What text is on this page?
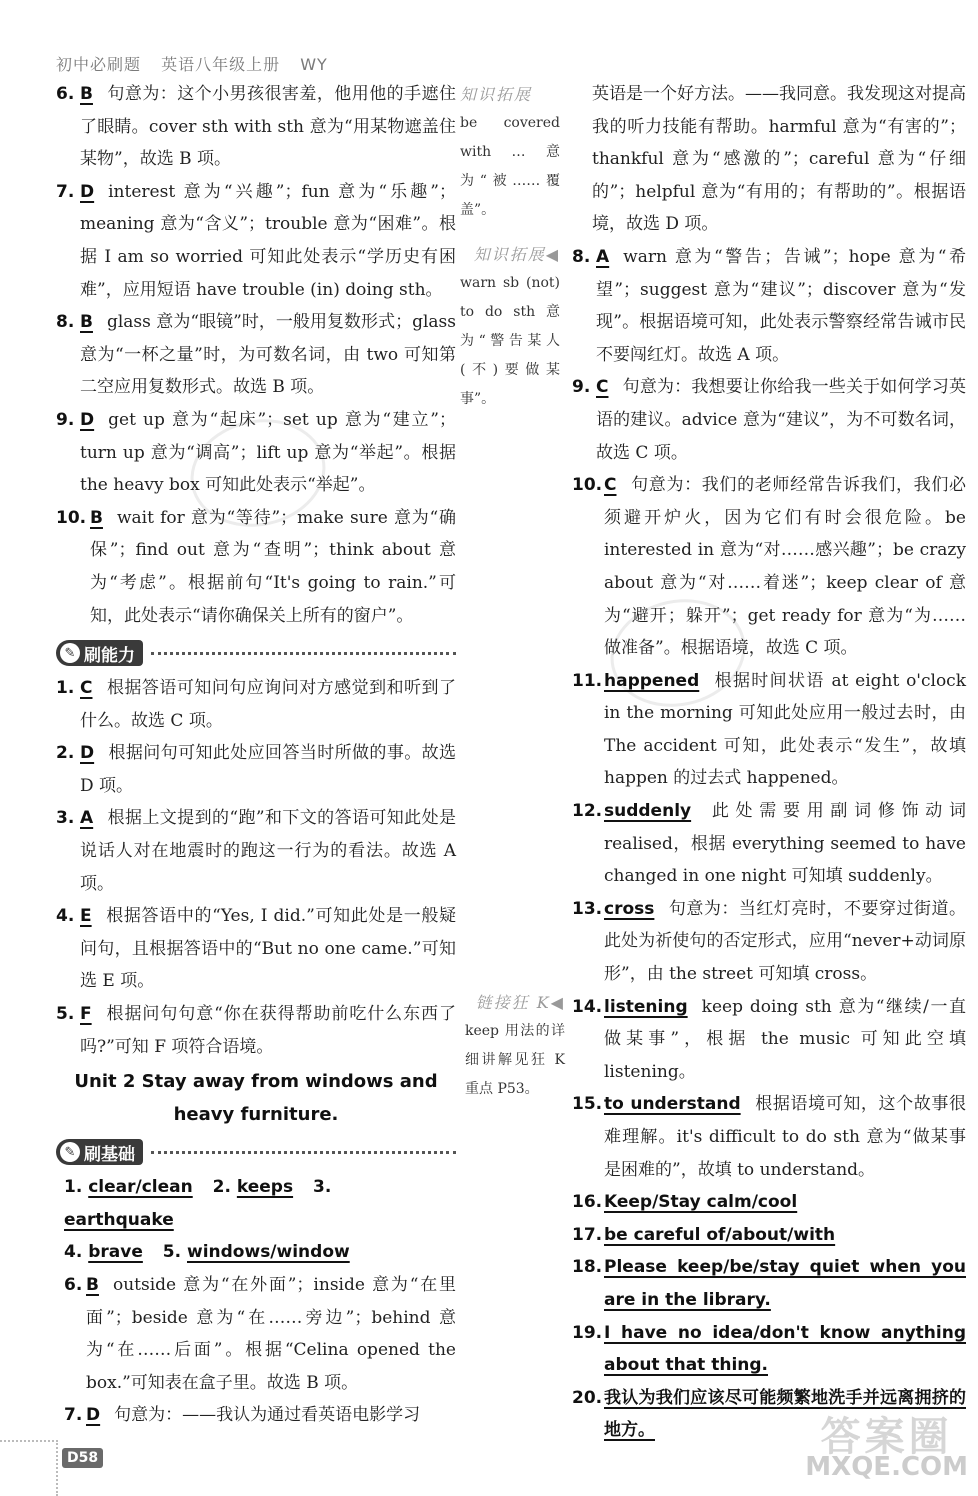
初中必刷题 英语八年级上册 WY

6. B 句意为：这个小男孩很害羞，他用他的手遮住了眼睛。cover sth with sth 意为“用某物遮盖住某物”，故选 B 项。

7. D interest 意为“兴趣”；fun 意为“乐趣”；meaning 意为“含义”；trouble 意为“困难”。根据 I am so worried 可知此处表示“学历史有困难”，应用短语 have trouble (in) doing sth。

8. B glass 意为“眼镜”时，一般用复数形式；glass 意为“一杯之量”时，为可数名词，由 two 可知第二空应用复数形式。故选 B 项。

9. D get up 意为“起床”；set up 意为“建立”；turn up 意为“调高”；lift up 意为“举起”。根据 the heavy box 可知此处表示“举起”。

10. B wait for 意为“等待”；make sure 意为“确保”；find out 意为“查明”；think about 意为“考虑”。根据前句“It's going to rain.”可知，此处表示“请你确保关上所有的窗户”。

✎ 刷能力

1. C 根据答语可知问句应询问对方感觉到和听到了什么。故选 C 项。

2. D 根据问句可知此处应回答当时所做的事。故选 D 项。

3. A 根据上文提到的“跑”和下文的答语可知此处是说话人对在地震时的跑这一行为的看法。故选 A 项。

4. E 根据答语中的“Yes, I did.”可知此处是一般疑问句，且根据答语中的“But no one came.”可知选 E 项。

5. F 根据问句句意“你在获得帮助前吃什么东西了吗?”可知 F 项符合语境。

Unit 2 Stay away from windows and
heavy furniture.
✎ 刷基础
1. clear/clean 2. keeps 3. earthquake
4. brave 5. windows/window

6. B outside 意为“在外面”；inside 意为“在里面”；beside 意为“在……旁边”；behind 意为“在……后面”。根据“Celina opened the box.”可知表在盒子里。故选 B 项。

7. D 句意为：——我认为通过看英语电影学习

知识拓展
be covered with … 意为“被……覆盖”。
知识拓展◀
warn sb (not) to do sth 意为“警告某人(不)要做某事”。
链接狂 K◀
keep 用法的详细讲解见狂 K 重点 P53。

英语是一个好方法。——我同意。我发现这对提高我的听力技能有帮助。harmful 意为“有害的”；thankful 意为“感激的”；careful 意为“仔细的”；helpful 意为“有用的；有帮助的”。根据语境，故选 D 项。

8. A warn 意为“警告；告诫”；hope 意为“希望”；suggest 意为“建议”；discover 意为“发现”。根据语境可知，此处表示警察经常告诫市民不要闯红灯。故选 A 项。

9. C 句意为：我想要让你给我一些关于如何学习英语的建议。advice 意为“建议”，为不可数名词，故选 C 项。

10. C 句意为：我们的老师经常告诉我们，我们必须避开炉火，因为它们有时会很危险。be interested in 意为“对……感兴趣”；be crazy about 意为“对……着迷”；keep clear of 意为“避开；躲开”；get ready for 意为“为……做准备”。根据语境，故选 C 项。

11. happened 根据时间状语 at eight o'clock in the morning 可知此处应用一般过去时，由 The accident 可知，此处表示“发生”，故填 happen 的过去式 happened。

12. suddenly 此处需要用副词修饰动词 realised，根据 everything seemed to have changed in one night 可知填 suddenly。

13. cross 句意为：当红灯亮时，不要穿过街道。此处为祈使句的否定形式，应用“never+动词原形”，由 the street 可知填 cross。

14. listening keep doing sth 意为“继续/一直做某事”，根据 the music 可知此空填 listening。

15. to understand 根据语境可知，这个故事很难理解。it's difficult to do sth 意为“做某事是困难的”，故填 to understand。

16. Keep/Stay calm/cool

17. be careful of/about/with

18. Please keep/be/stay quiet when you are in the library.

19. I have no idea/don't know anything about that thing.

20. 我认为我们应该尽可能频繁地洗手并远离拥挤的地方。

D58	答案圈
MXQE.COM
